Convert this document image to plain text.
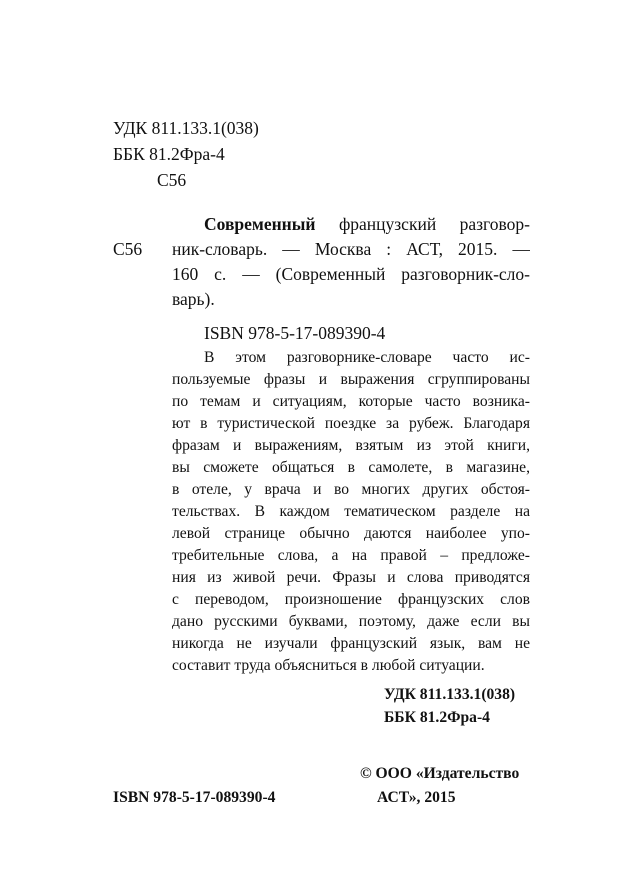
УДК 811.133.1(038)
ББК 81.2Фра-4
С56
Современный французский разговор-
С56 ник-словарь. — Москва : АСТ, 2015. —
160 с. — (Современный разговорник-сло-
варь).
ISBN 978-5-17-089390-4
В этом разговорнике-словаре часто ис-
пользуемые фразы и выражения сгруппированы
по темам и ситуациям, которые часто возника-
ют в туристической поездке за рубеж. Благодаря
фразам и выражениям, взятым из этой книги,
вы сможете общаться в самолете, в магазине,
в отеле, у врача и во многих других обстоя-
тельствах. В каждом тематическом разделе на
левой странице обычно даются наиболее упо-
требительные слова, а на правой – предложе-
ния из живой речи. Фразы и слова приводятся
с переводом, произношение французских слов
дано русскими буквами, поэтому, даже если вы
никогда не изучали французский язык, вам не
составит труда объясниться в любой ситуации.
УДК 811.133.1(038)
ББК 81.2Фра-4
ISBN 978-5-17-089390-4
© ООО «Издательство
АСТ», 2015
